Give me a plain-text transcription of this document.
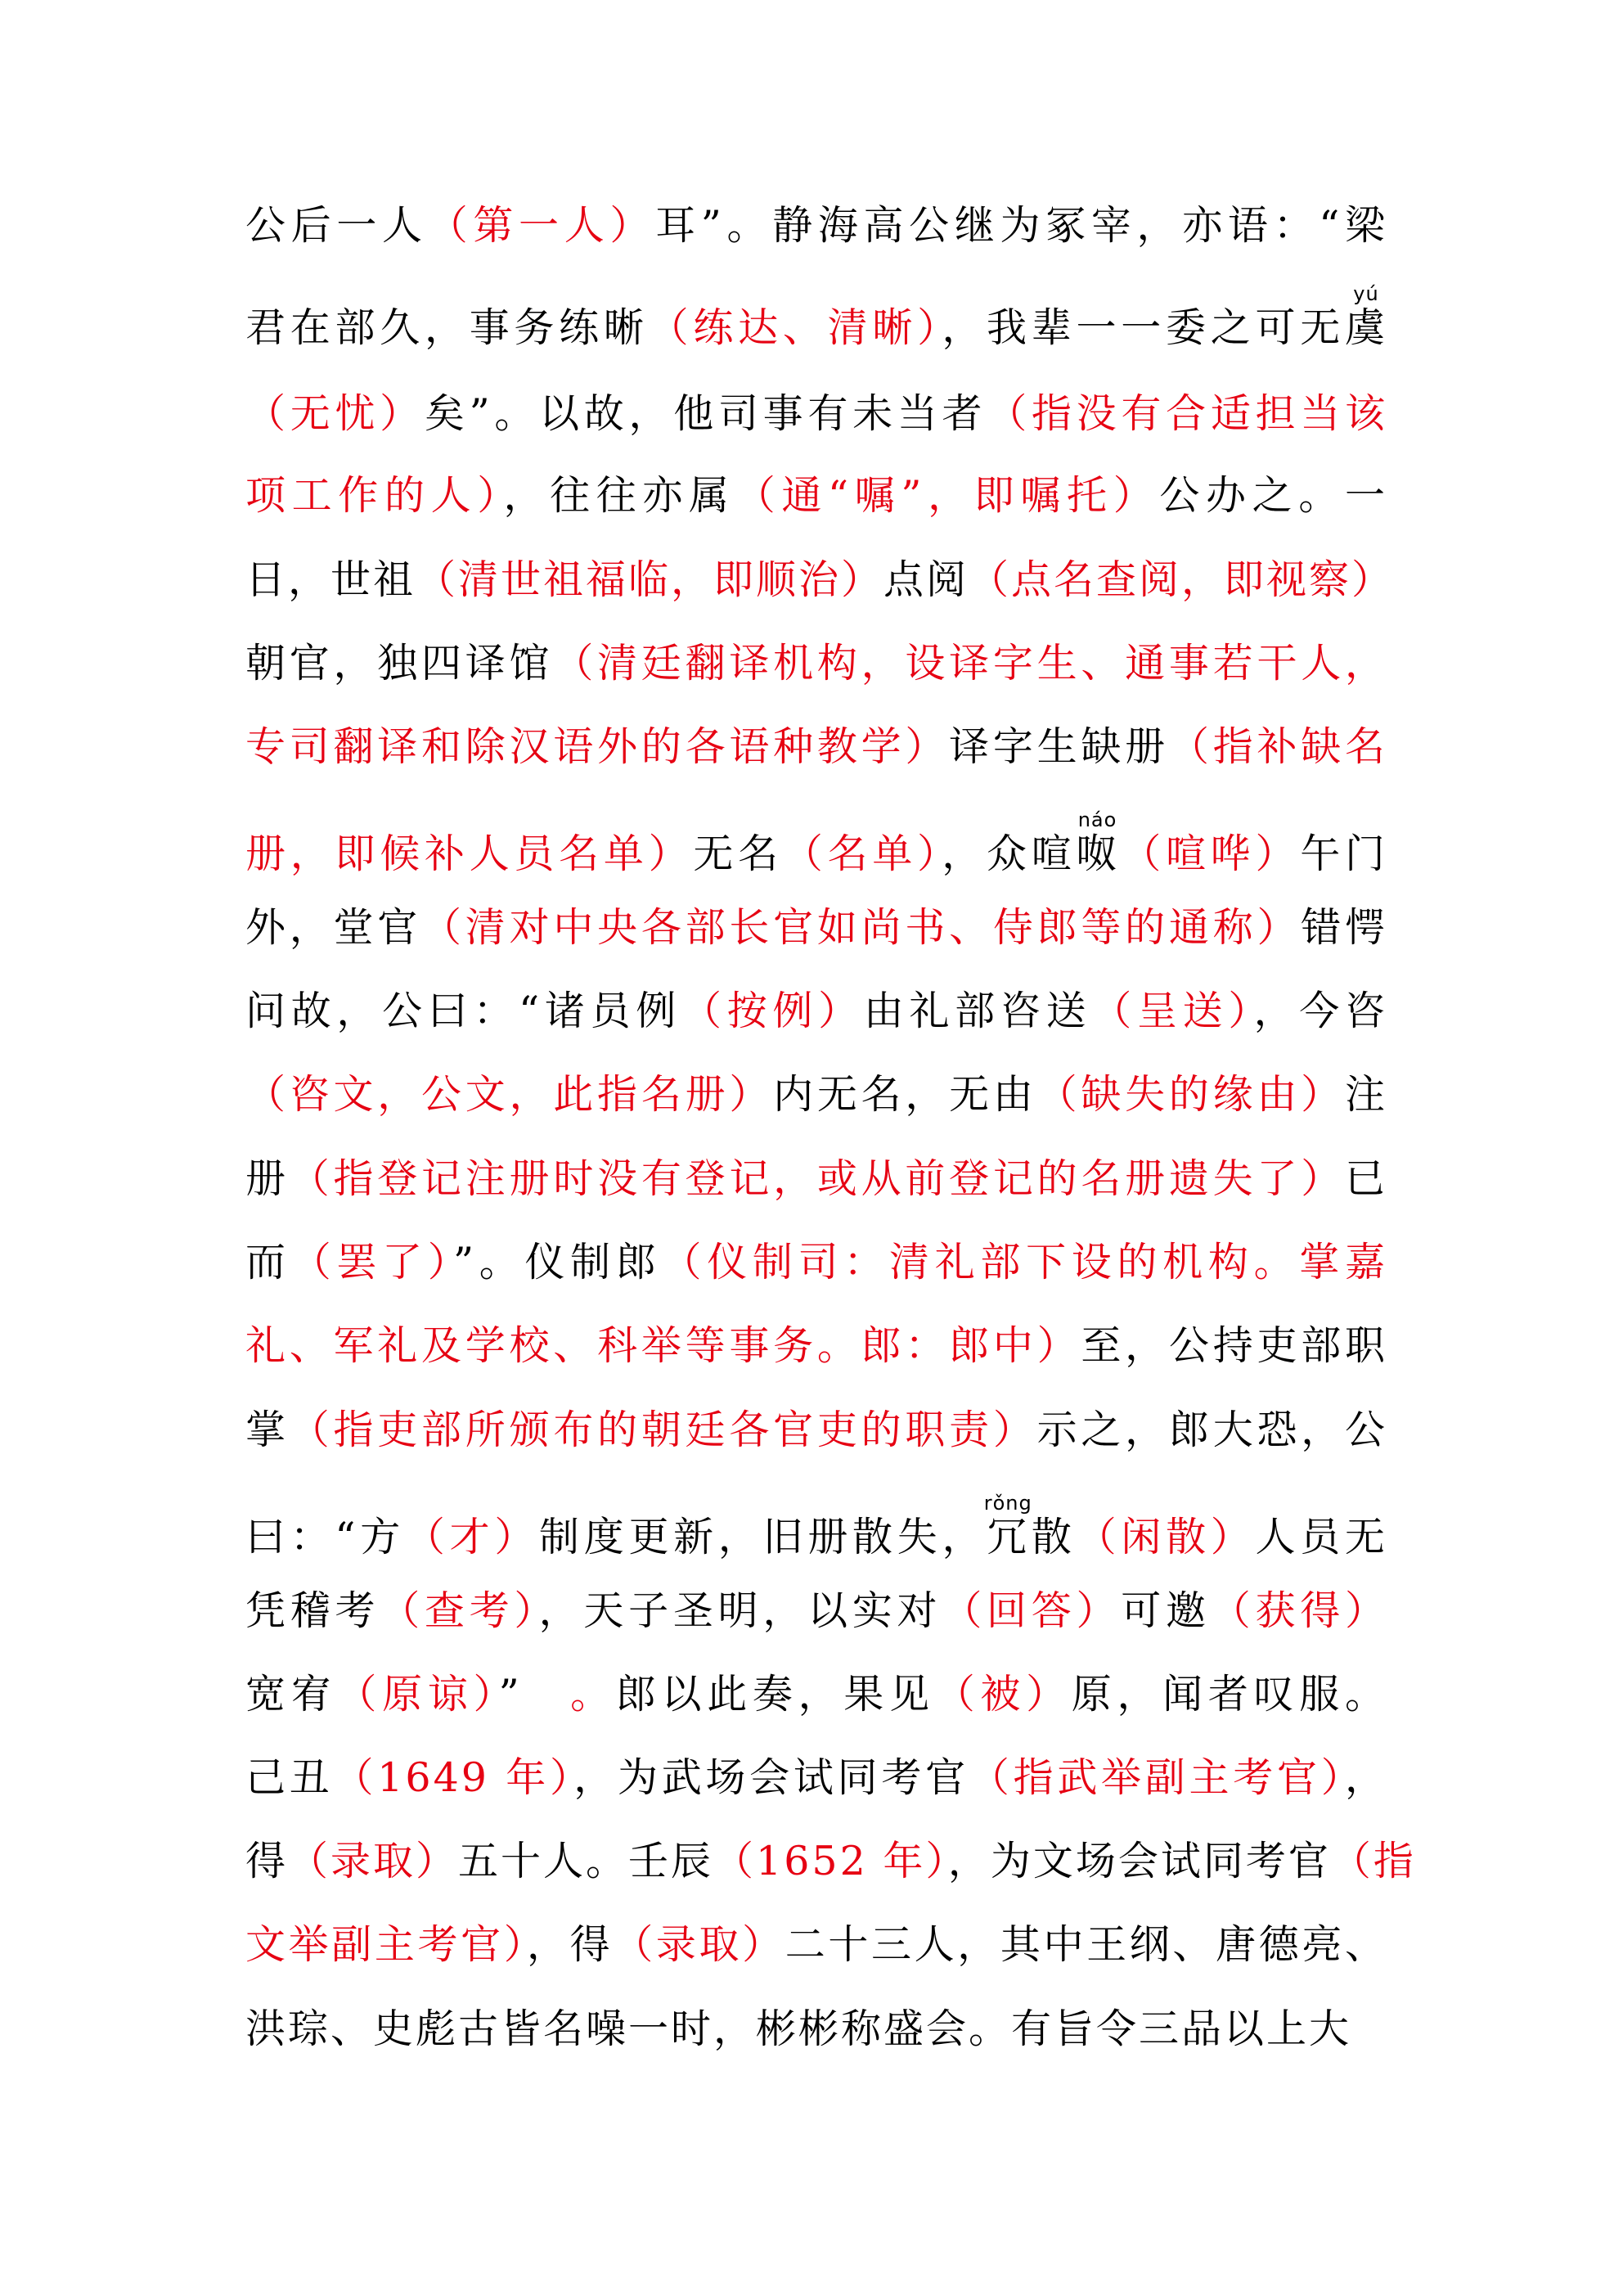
公后一人（第一人）耳”。静海高公继为冢宰，亦语：“梁
君在部久，事务练晰（练达、清晰），我辈一一委之可无虞yú
（无忧）矣”。以故，他司事有未当者（指没有合适担当该
项工作的人），往往亦属（通“嘱”，即嘱托）公办之。一
日，世祖（清世祖福临，即顺治）点阅（点名查阅，即视察）
朝官，独四译馆（清廷翻译机构，设译字生、通事若干人，
专司翻译和除汉语外的各语种教学）译字生缺册（指补缺名
册，即候补人员名单）无名（名单），众喧呶náo（喧哗）午门
外，堂官（清对中央各部长官如尚书、侍郎等的通称）错愕
问故，公曰：“诸员例（按例）由礼部咨送（呈送），今咨
（咨文，公文，此指名册）内无名，无由（缺失的缘由）注
册（指登记注册时没有登记，或从前登记的名册遗失了）已
而（罢了）”。仪制郎（仪制司：清礼部下设的机构。掌嘉
礼、军礼及学校、科举等事务。郎：郎中）至，公持吏部职
掌（指吏部所颁布的朝廷各官吏的职责）示之，郎大恐，公
曰：“方（才）制度更新，旧册散失，冗rǒng散（闲散）人员无
凭稽考（查考），天子圣明，以实对（回答）可邀（获得）
宽宥（原谅）”　。郎以此奏，果见（被）原，闻者叹服。
己丑（1649 年），为武场会试同考官（指武举副主考官），
得（录取）五十人。壬辰（1652 年），为文场会试同考官（指
文举副主考官），得（录取）二十三人，其中王纲、唐德亮、
洪琮、史彪古皆名噪一时，彬彬称盛会。有旨令三品以上大
